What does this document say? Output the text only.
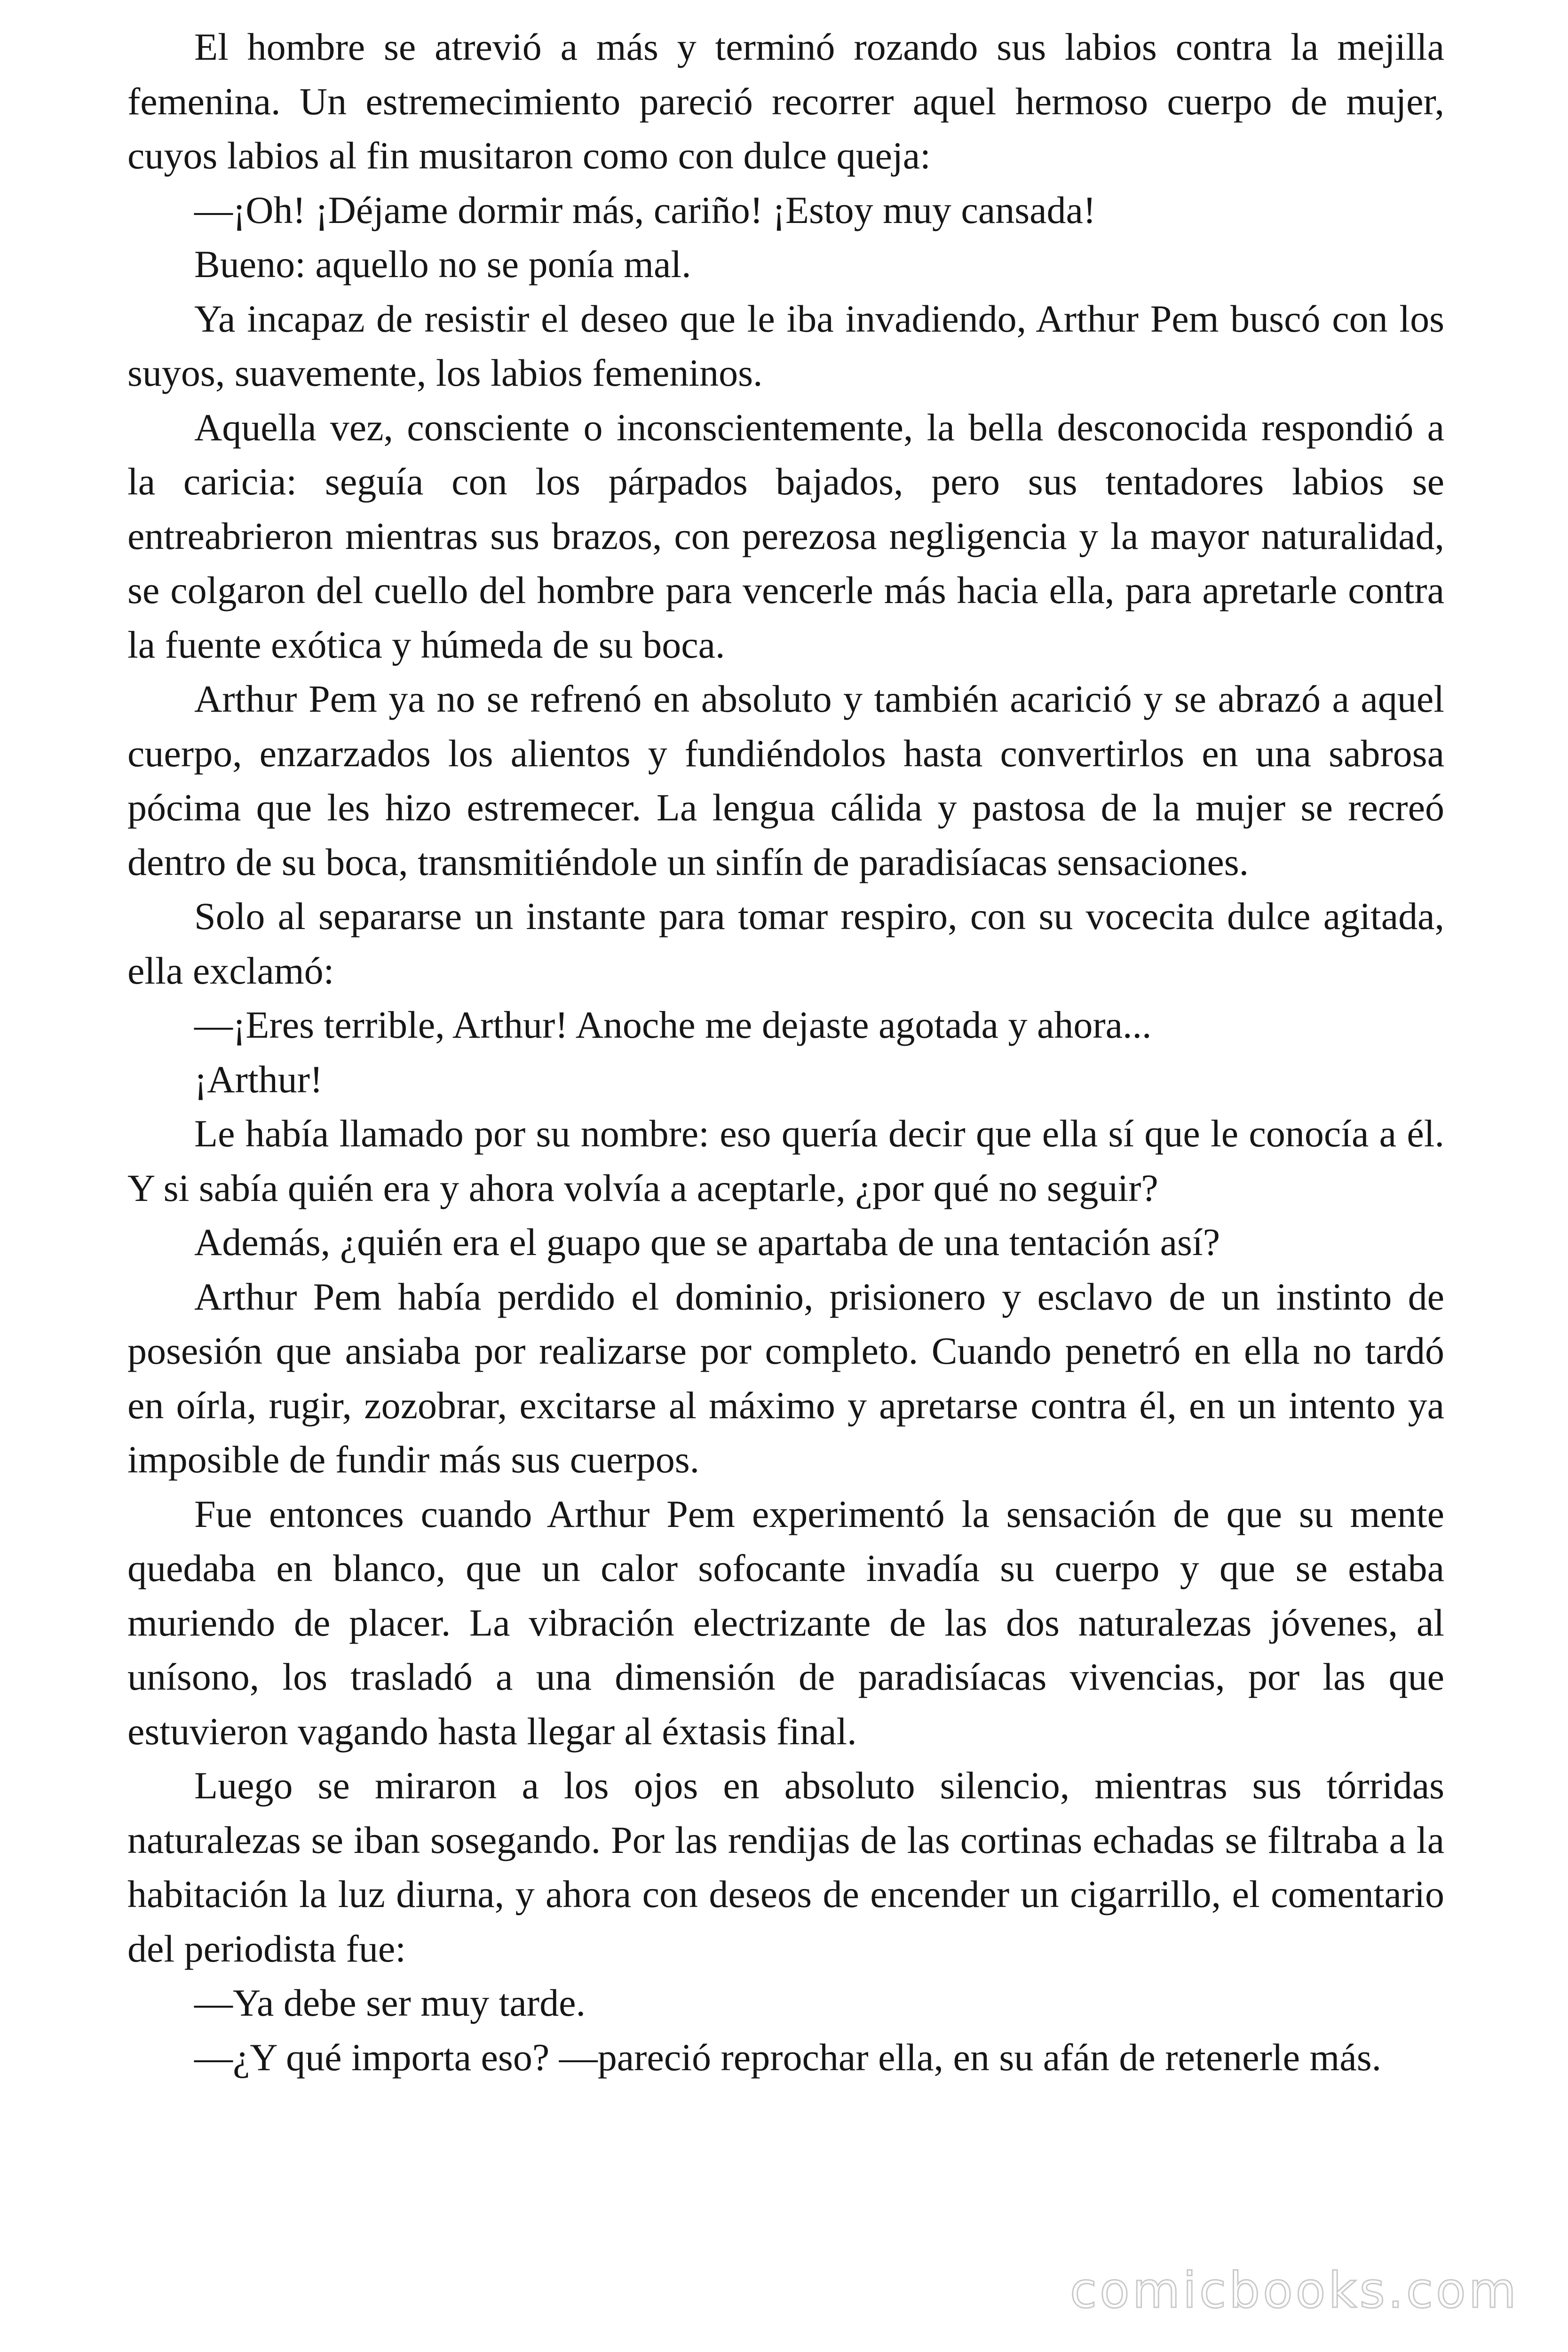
El hombre se atrevió a más y terminó rozando sus labios contra la mejilla femenina. Un estremecimiento pareció recorrer aquel hermoso cuerpo de mujer, cuyos labios al fin musitaron como con dulce queja:

—¡Oh! ¡Déjame dormir más, cariño! ¡Estoy muy cansada!

Bueno: aquello no se ponía mal.

Ya incapaz de resistir el deseo que le iba invadiendo, Arthur Pem buscó con los suyos, suavemente, los labios femeninos.

Aquella vez, consciente o inconscientemente, la bella desconocida respondió a la caricia: seguía con los párpados bajados, pero sus tentadores labios se entreabrieron mientras sus brazos, con perezosa negligencia y la mayor naturalidad, se colgaron del cuello del hombre para vencerle más hacia ella, para apretarle contra la fuente exótica y húmeda de su boca.

Arthur Pem ya no se refrenó en absoluto y también acarició y se abrazó a aquel cuerpo, enzarzados los alientos y fundiéndolos hasta convertirlos en una sabrosa pócima que les hizo estremecer. La lengua cálida y pastosa de la mujer se recreó dentro de su boca, transmitiéndole un sinfín de paradisíacas sensaciones.

Solo al separarse un instante para tomar respiro, con su vocecita dulce agitada, ella exclamó:

—¡Eres terrible, Arthur! Anoche me dejaste agotada y ahora...

¡Arthur!

Le había llamado por su nombre: eso quería decir que ella sí que le conocía a él. Y si sabía quién era y ahora volvía a aceptarle, ¿por qué no seguir?

Además, ¿quién era el guapo que se apartaba de una tentación así?

Arthur Pem había perdido el dominio, prisionero y esclavo de un instinto de posesión que ansiaba por realizarse por completo. Cuando penetró en ella no tardó en oírla, rugir, zozobrar, excitarse al máximo y apretarse contra él, en un intento ya imposible de fundir más sus cuerpos.

Fue entonces cuando Arthur Pem experimentó la sensación de que su mente quedaba en blanco, que un calor sofocante invadía su cuerpo y que se estaba muriendo de placer. La vibración electrizante de las dos naturalezas jóvenes, al unísono, los trasladó a una dimensión de paradisíacas vivencias, por las que estuvieron vagando hasta llegar al éxtasis final.

Luego se miraron a los ojos en absoluto silencio, mientras sus tórridas naturalezas se iban sosegando. Por las rendijas de las cortinas echadas se filtraba a la habitación la luz diurna, y ahora con deseos de encender un cigarrillo, el comentario del periodista fue:

—Ya debe ser muy tarde.

—¿Y qué importa eso? —pareció reprochar ella, en su afán de retenerle más.

comicbooks.com
